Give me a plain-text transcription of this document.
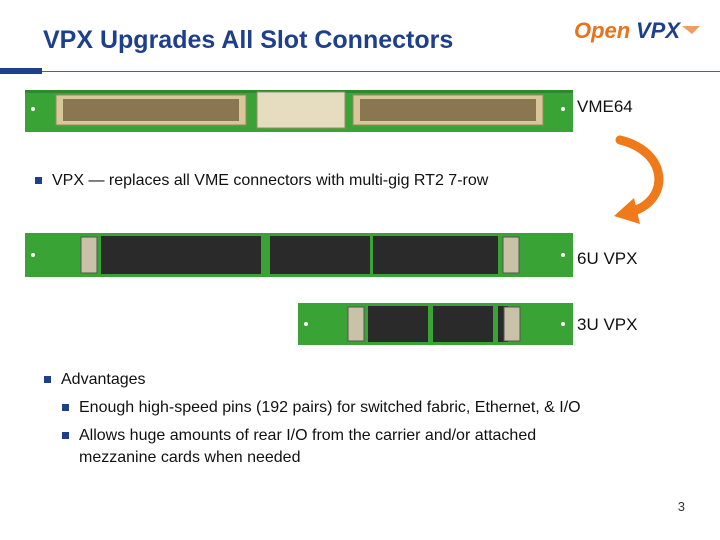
VPX Upgrades All Slot Connectors	Open VPX
VME64
VPX — replaces all VME connectors with multi-gig RT2 7-row
6U VPX
3U VPX
Advantages
Enough high-speed pins (192 pairs) for switched fabric, Ethernet, & I/O
Allows huge amounts of rear I/O from the carrier and/or attached
mezzanine cards when needed
3
